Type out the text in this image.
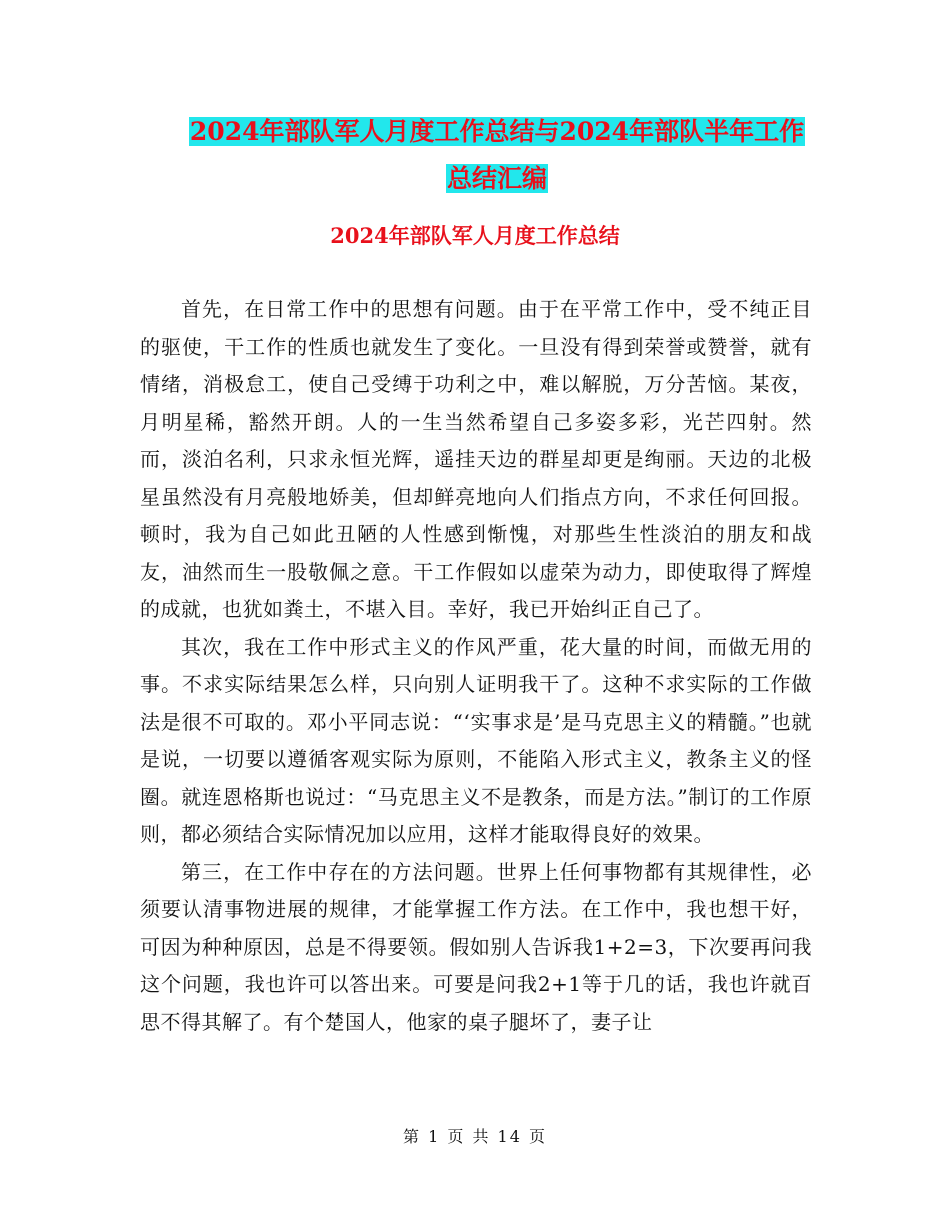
2024年部队军人月度工作总结与2024年部队半年工作
总结汇编
2024年部队军人月度工作总结

首先，在日常工作中的思想有问题。由于在平常工作中，受不纯正目的驱使，干工作的性质也就发生了变化。一旦没有得到荣誉或赞誉，就有情绪，消极怠工，使自己受缚于功利之中，难以解脱，万分苦恼。某夜，月明星稀，豁然开朗。人的一生当然希望自己多姿多彩，光芒四射。然而，淡泊名利，只求永恒光辉，遥挂天边的群星却更是绚丽。天边的北极星虽然没有月亮般地娇美，但却鲜亮地向人们指点方向，不求任何回报。顿时，我为自己如此丑陋的人性感到惭愧，对那些生性淡泊的朋友和战友，油然而生一股敬佩之意。干工作假如以虚荣为动力，即使取得了辉煌的成就，也犹如粪土，不堪入目。幸好，我已开始纠正自己了。

其次，我在工作中形式主义的作风严重，花大量的时间，而做无用的事。不求实际结果怎么样，只向别人证明我干了。这种不求实际的工作做法是很不可取的。邓小平同志说：“‘实事求是’是马克思主义的精髓。”也就是说，一切要以遵循客观实际为原则，不能陷入形式主义，教条主义的怪圈。就连恩格斯也说过：“马克思主义不是教条，而是方法。”制订的工作原则，都必须结合实际情况加以应用，这样才能取得良好的效果。

第三，在工作中存在的方法问题。世界上任何事物都有其规律性，必须要认清事物进展的规律，才能掌握工作方法。在工作中，我也想干好，可因为种种原因，总是不得要领。假如别人告诉我1+2=3，下次要再问我这个问题，我也许可以答出来。可要是问我2+1等于几的话，我也许就百思不得其解了。有个楚国人，他家的桌子腿坏了，妻子让

第 1 页 共 14 页
